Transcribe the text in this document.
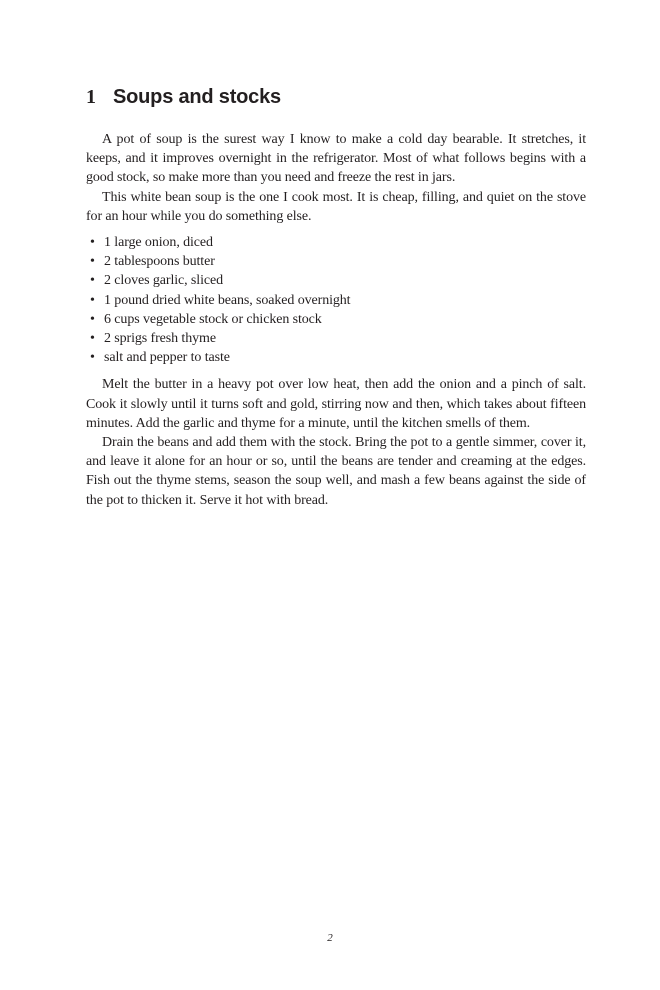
1 Soups and stocks

A pot of soup is the surest way I know to make a cold day bearable. It stretches, it keeps, and it improves overnight in the refrigerator. Most of what follows begins with a good stock, so make more than you need and freeze the rest in jars.

This white bean soup is the one I cook most. It is cheap, filling, and quiet on the stove for an hour while you do something else.

• 1 large onion, diced
• 2 tablespoons butter
• 2 cloves garlic, sliced
• 1 pound dried white beans, soaked overnight
• 6 cups vegetable stock or chicken stock
• 2 sprigs fresh thyme
• salt and pepper to taste

Melt the butter in a heavy pot over low heat, then add the onion and a pinch of salt. Cook it slowly until it turns soft and gold, stirring now and then, which takes about fifteen minutes. Add the garlic and thyme for a minute, until the kitchen smells of them.

Drain the beans and add them with the stock. Bring the pot to a gentle simmer, cover it, and leave it alone for an hour or so, until the beans are tender and creaming at the edges. Fish out the thyme stems, season the soup well, and mash a few beans against the side of the pot to thicken it. Serve it hot with bread.

2
